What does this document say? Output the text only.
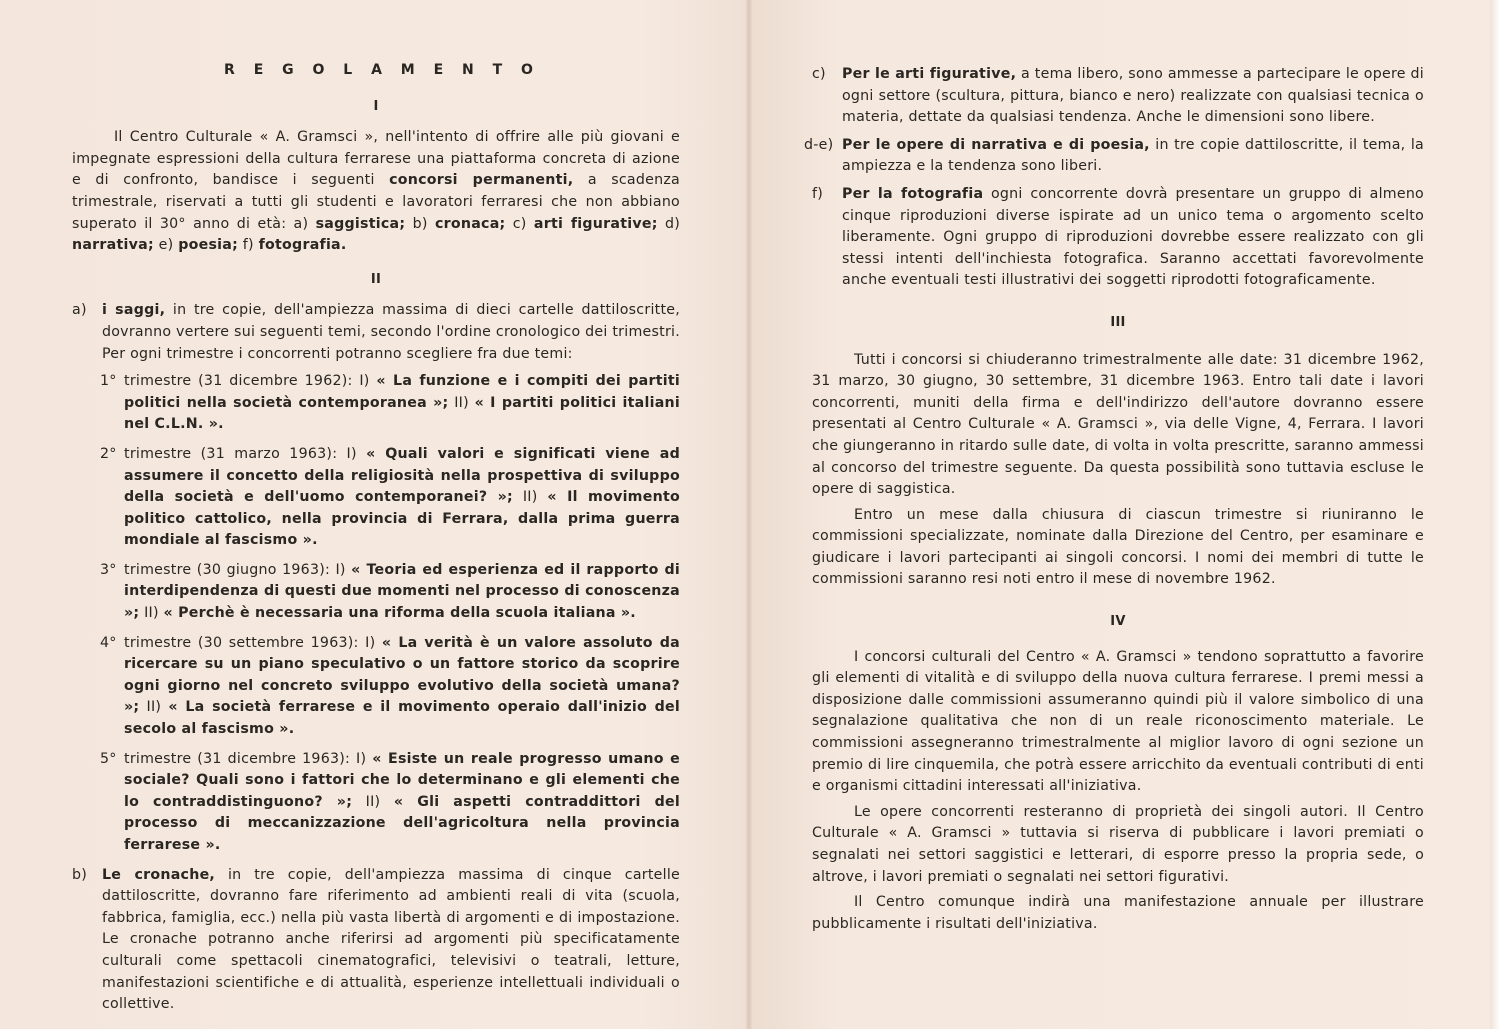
R E G O L A M E N T O
I

Il Centro Culturale « A. Gramsci », nell'intento di offrire alle più giovani e impegnate espressioni della cultura ferrarese una piattaforma concreta di azione e di confronto, bandisce i seguenti concorsi permanenti, a scadenza trimestrale, riservati a tutti gli studenti e lavoratori ferraresi che non abbiano superato il 30° anno di età: a) saggistica; b) cronaca; c) arti figurative; d) narrativa; e) poesia; f) fotografia.

II
a) i saggi, in tre copie, dell'ampiezza massima di dieci cartelle dattiloscritte, dovranno vertere sui seguenti temi, secondo l'ordine cronologico dei trimestri. Per ogni trimestre i concorrenti potranno scegliere fra due temi:
1° trimestre (31 dicembre 1962): I) « La funzione e i compiti dei partiti politici nella società contemporanea »; II) « I partiti politici italiani nel C.L.N. ».
2° trimestre (31 marzo 1963): I) « Quali valori e significati viene ad assumere il concetto della religiosità nella prospettiva di sviluppo della società e dell'uomo contemporanei? »; II) « Il movimento politico cattolico, nella provincia di Ferrara, dalla prima guerra mondiale al fascismo ».
3° trimestre (30 giugno 1963): I) « Teoria ed esperienza ed il rapporto di interdipendenza di questi due momenti nel processo di conoscenza »; II) « Perchè è necessaria una riforma della scuola italiana ».
4° trimestre (30 settembre 1963): I) « La verità è un valore assoluto da ricercare su un piano speculativo o un fattore storico da scoprire ogni giorno nel concreto sviluppo evolutivo della società umana? »; II) « La società ferrarese e il movimento operaio dall'inizio del secolo al fascismo ».
5° trimestre (31 dicembre 1963): I) « Esiste un reale progresso umano e sociale? Quali sono i fattori che lo determinano e gli elementi che lo contraddistinguono? »; II) « Gli aspetti contraddittori del processo di meccanizzazione dell'agricoltura nella provincia ferrarese ».
b) Le cronache, in tre copie, dell'ampiezza massima di cinque cartelle dattiloscritte, dovranno fare riferimento ad ambienti reali di vita (scuola, fabbrica, famiglia, ecc.) nella più vasta libertà di argomenti e di impostazione. Le cronache potranno anche riferirsi ad argomenti più specificatamente culturali come spettacoli cinematografici, televisivi o teatrali, letture, manifestazioni scientifiche e di attualità, esperienze intellettuali individuali o collettive.
c) Per le arti figurative, a tema libero, sono ammesse a partecipare le opere di ogni settore (scultura, pittura, bianco e nero) realizzate con qualsiasi tecnica o materia, dettate da qualsiasi tendenza. Anche le dimensioni sono libere.
d-e) Per le opere di narrativa e di poesia, in tre copie dattiloscritte, il tema, la ampiezza e la tendenza sono liberi.
f) Per la fotografia ogni concorrente dovrà presentare un gruppo di almeno cinque riproduzioni diverse ispirate ad un unico tema o argomento scelto liberamente. Ogni gruppo di riproduzioni dovrebbe essere realizzato con gli stessi intenti dell'inchiesta fotografica. Saranno accettati favorevolmente anche eventuali testi illustrativi dei soggetti riprodotti fotograficamente.
III

Tutti i concorsi si chiuderanno trimestralmente alle date: 31 dicembre 1962, 31 marzo, 30 giugno, 30 settembre, 31 dicembre 1963. Entro tali date i lavori concorrenti, muniti della firma e dell'indirizzo dell'autore dovranno essere presentati al Centro Culturale « A. Gramsci », via delle Vigne, 4, Ferrara. I lavori che giungeranno in ritardo sulle date, di volta in volta prescritte, saranno ammessi al concorso del trimestre seguente. Da questa possibilità sono tuttavia escluse le opere di saggistica.

Entro un mese dalla chiusura di ciascun trimestre si riuniranno le commissioni specializzate, nominate dalla Direzione del Centro, per esaminare e giudicare i lavori partecipanti ai singoli concorsi. I nomi dei membri di tutte le commissioni saranno resi noti entro il mese di novembre 1962.

IV

I concorsi culturali del Centro « A. Gramsci » tendono soprattutto a favorire gli elementi di vitalità e di sviluppo della nuova cultura ferrarese. I premi messi a disposizione dalle commissioni assumeranno quindi più il valore simbolico di una segnalazione qualitativa che non di un reale riconoscimento materiale. Le commissioni assegneranno trimestralmente al miglior lavoro di ogni sezione un premio di lire cinquemila, che potrà essere arricchito da eventuali contributi di enti e organismi cittadini interessati all'iniziativa.

Le opere concorrenti resteranno di proprietà dei singoli autori. Il Centro Culturale « A. Gramsci » tuttavia si riserva di pubblicare i lavori premiati o segnalati nei settori saggistici e letterari, di esporre presso la propria sede, o altrove, i lavori premiati o segnalati nei settori figurativi.

Il Centro comunque indirà una manifestazione annuale per illustrare pubblicamente i risultati dell'iniziativa.
